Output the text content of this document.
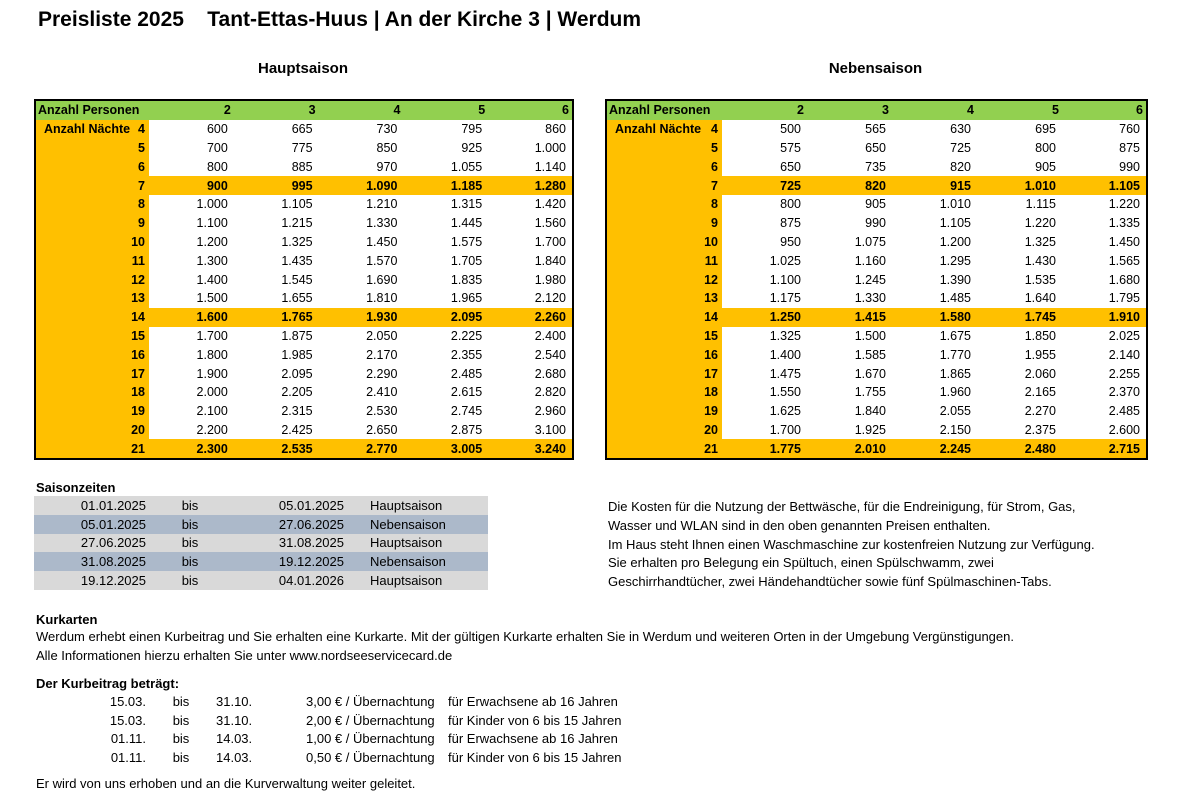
Preisliste 2025    Tant-Ettas-Huus | An der Kirche 3 | Werdum
Hauptsaison
Anzahl Personen	2	3	4	5	6

Anzahl Nächte 4	600	665	730	795	860
5	700	775	850	925	1.000
6	800	885	970	1.055	1.140
7	900	995	1.090	1.185	1.280
8	1.000	1.105	1.210	1.315	1.420
9	1.100	1.215	1.330	1.445	1.560
10	1.200	1.325	1.450	1.575	1.700
11	1.300	1.435	1.570	1.705	1.840
12	1.400	1.545	1.690	1.835	1.980
13	1.500	1.655	1.810	1.965	2.120
14	1.600	1.765	1.930	2.095	2.260
15	1.700	1.875	2.050	2.225	2.400
16	1.800	1.985	2.170	2.355	2.540
17	1.900	2.095	2.290	2.485	2.680
18	2.000	2.205	2.410	2.615	2.820
19	2.100	2.315	2.530	2.745	2.960
20	2.200	2.425	2.650	2.875	3.100
21	2.300	2.535	2.770	3.005	3.240
Nebensaison
Anzahl Personen	2	3	4	5	6

Anzahl Nächte 4	500	565	630	695	760
5	575	650	725	800	875
6	650	735	820	905	990
7	725	820	915	1.010	1.105
8	800	905	1.010	1.115	1.220
9	875	990	1.105	1.220	1.335
10	950	1.075	1.200	1.325	1.450
11	1.025	1.160	1.295	1.430	1.565
12	1.100	1.245	1.390	1.535	1.680
13	1.175	1.330	1.485	1.640	1.795
14	1.250	1.415	1.580	1.745	1.910
15	1.325	1.500	1.675	1.850	2.025
16	1.400	1.585	1.770	1.955	2.140
17	1.475	1.670	1.865	2.060	2.255
18	1.550	1.755	1.960	2.165	2.370
19	1.625	1.840	2.055	2.270	2.485
20	1.700	1.925	2.150	2.375	2.600
21	1.775	2.010	2.245	2.480	2.715
Saisonzeiten
01.01.2025	bis	05.01.2025	Hauptsaison
05.01.2025	bis	27.06.2025	Nebensaison
27.06.2025	bis	31.08.2025	Hauptsaison
31.08.2025	bis	19.12.2025	Nebensaison
19.12.2025	bis	04.01.2026	Hauptsaison
Die Kosten für die Nutzung der Bettwäsche, für die Endreinigung, für Strom, Gas,
Wasser und WLAN sind in den oben genannten Preisen enthalten.
Im Haus steht Ihnen einen Waschmaschine zur kostenfreien Nutzung zur Verfügung.
Sie erhalten pro Belegung ein Spültuch, einen Spülschwamm, zwei
Geschirrhandtücher, zwei Händehandtücher sowie fünf Spülmaschinen-Tabs.
Kurkarten
Werdum erhebt einen Kurbeitrag und Sie erhalten eine Kurkarte. Mit der gültigen Kurkarte erhalten Sie in Werdum und weiteren Orten in der Umgebung Vergünstigungen.
Alle Informationen hierzu erhalten Sie unter www.nordseeservicecard.de
Der Kurbeitrag beträgt:
15.03.	bis	31.10.	3,00 € / Übernachtung	für Erwachsene ab 16 Jahren
15.03.	bis	31.10.	2,00 € / Übernachtung	für Kinder von 6 bis 15 Jahren
01.11.	bis	14.03.	1,00 € / Übernachtung	für Erwachsene ab 16 Jahren
01.11.	bis	14.03.	0,50 € / Übernachtung	für Kinder von 6 bis 15 Jahren
Er wird von uns erhoben und an die Kurverwaltung weiter geleitet.
